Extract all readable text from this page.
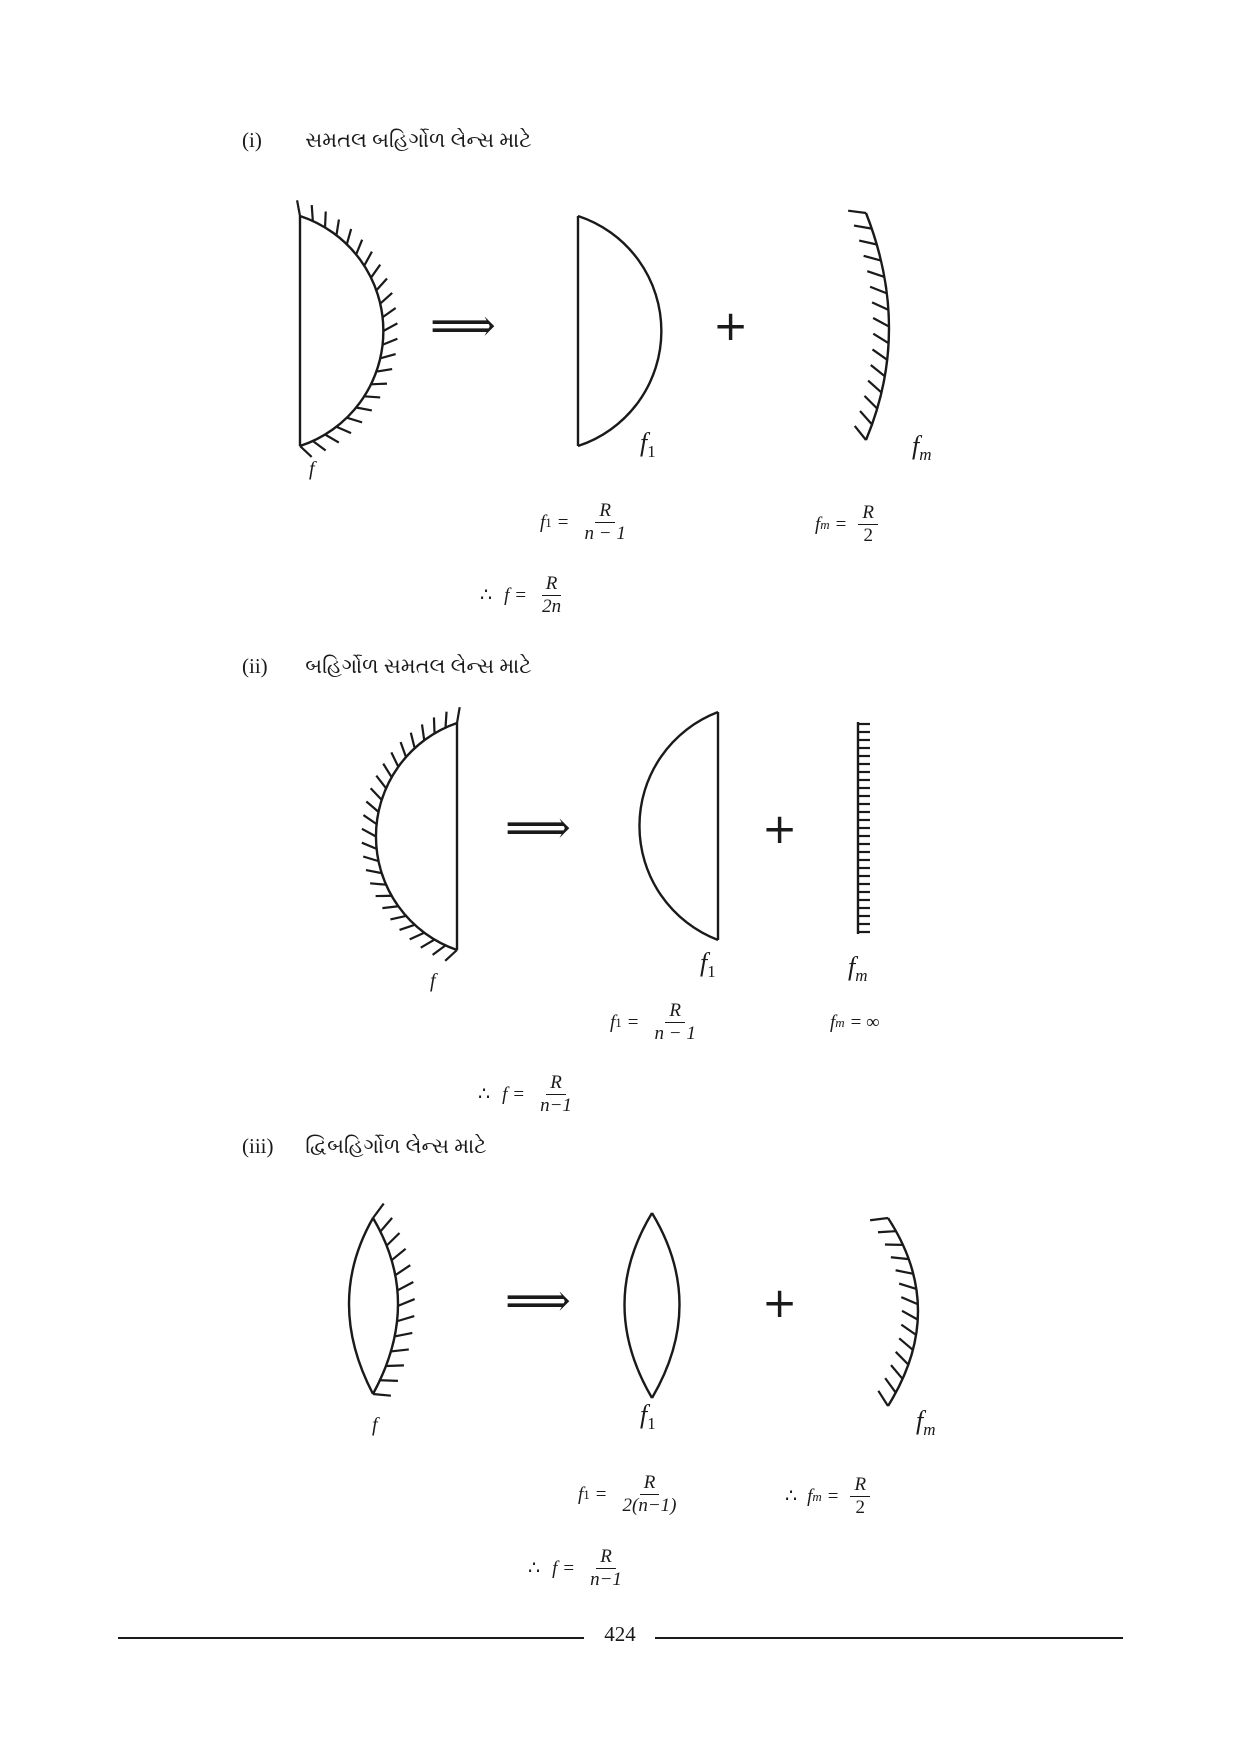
(i) સમતલ બહિર્ગોળ લેન્સ માટે
⟹	+
f
$f_1$	$f_m$
f $1 = \frac{R}{n - 1}$	f $m = \frac{R}{2}$
∴ $f = \frac{R}{2n}$
(ii) બહિર્ગોળ સમતલ લેન્સ માટે
⟹	+
f
$f_1$	$f_m$
f $1 = \frac{R}{n - 1}$	f m = ∞
∴ $f = \frac{R}{n-1}$
(iii) દ્વિબહિર્ગોળ લેન્સ માટે
⟹	+
f	$f_1$	$f_m$
f $1 = \frac{R}{2(n-1)}$	∴ f $m = \frac{R}{2}$
∴ $f = \frac{R}{n-1}$
424
